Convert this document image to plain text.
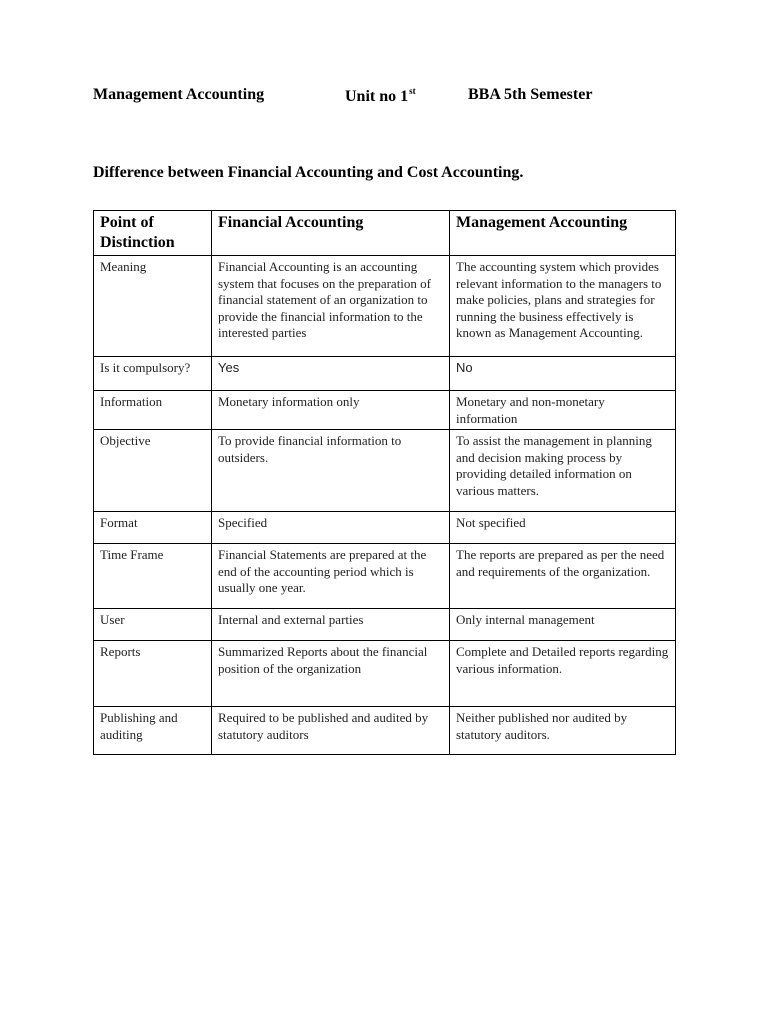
Management Accounting	Unit no 1st	BBA 5th Semester
Difference between Financial Accounting and Cost Accounting.
Point of Distinction	Financial Accounting	Management Accounting
Meaning	Financial Accounting is an accounting system that focuses on the preparation of financial statement of an organization to provide the financial information to the interested parties	The accounting system which provides relevant information to the managers to make policies, plans and strategies for running the business effectively is known as Management Accounting.
Is it compulsory?	Yes	No
Information	Monetary information only	Monetary and non-monetary information
Objective	To provide financial information to outsiders.	To assist the management in planning and decision making process by providing detailed information on various matters.
Format	Specified	Not specified
Time Frame	Financial Statements are prepared at the end of the accounting period which is usually one year.	The reports are prepared as per the need and requirements of the organization.
User	Internal and external parties	Only internal management
Reports	Summarized Reports about the financial position of the organization	Complete and Detailed reports regarding various information.
Publishing and auditing	Required to be published and audited by statutory auditors	Neither published nor audited by statutory auditors.
